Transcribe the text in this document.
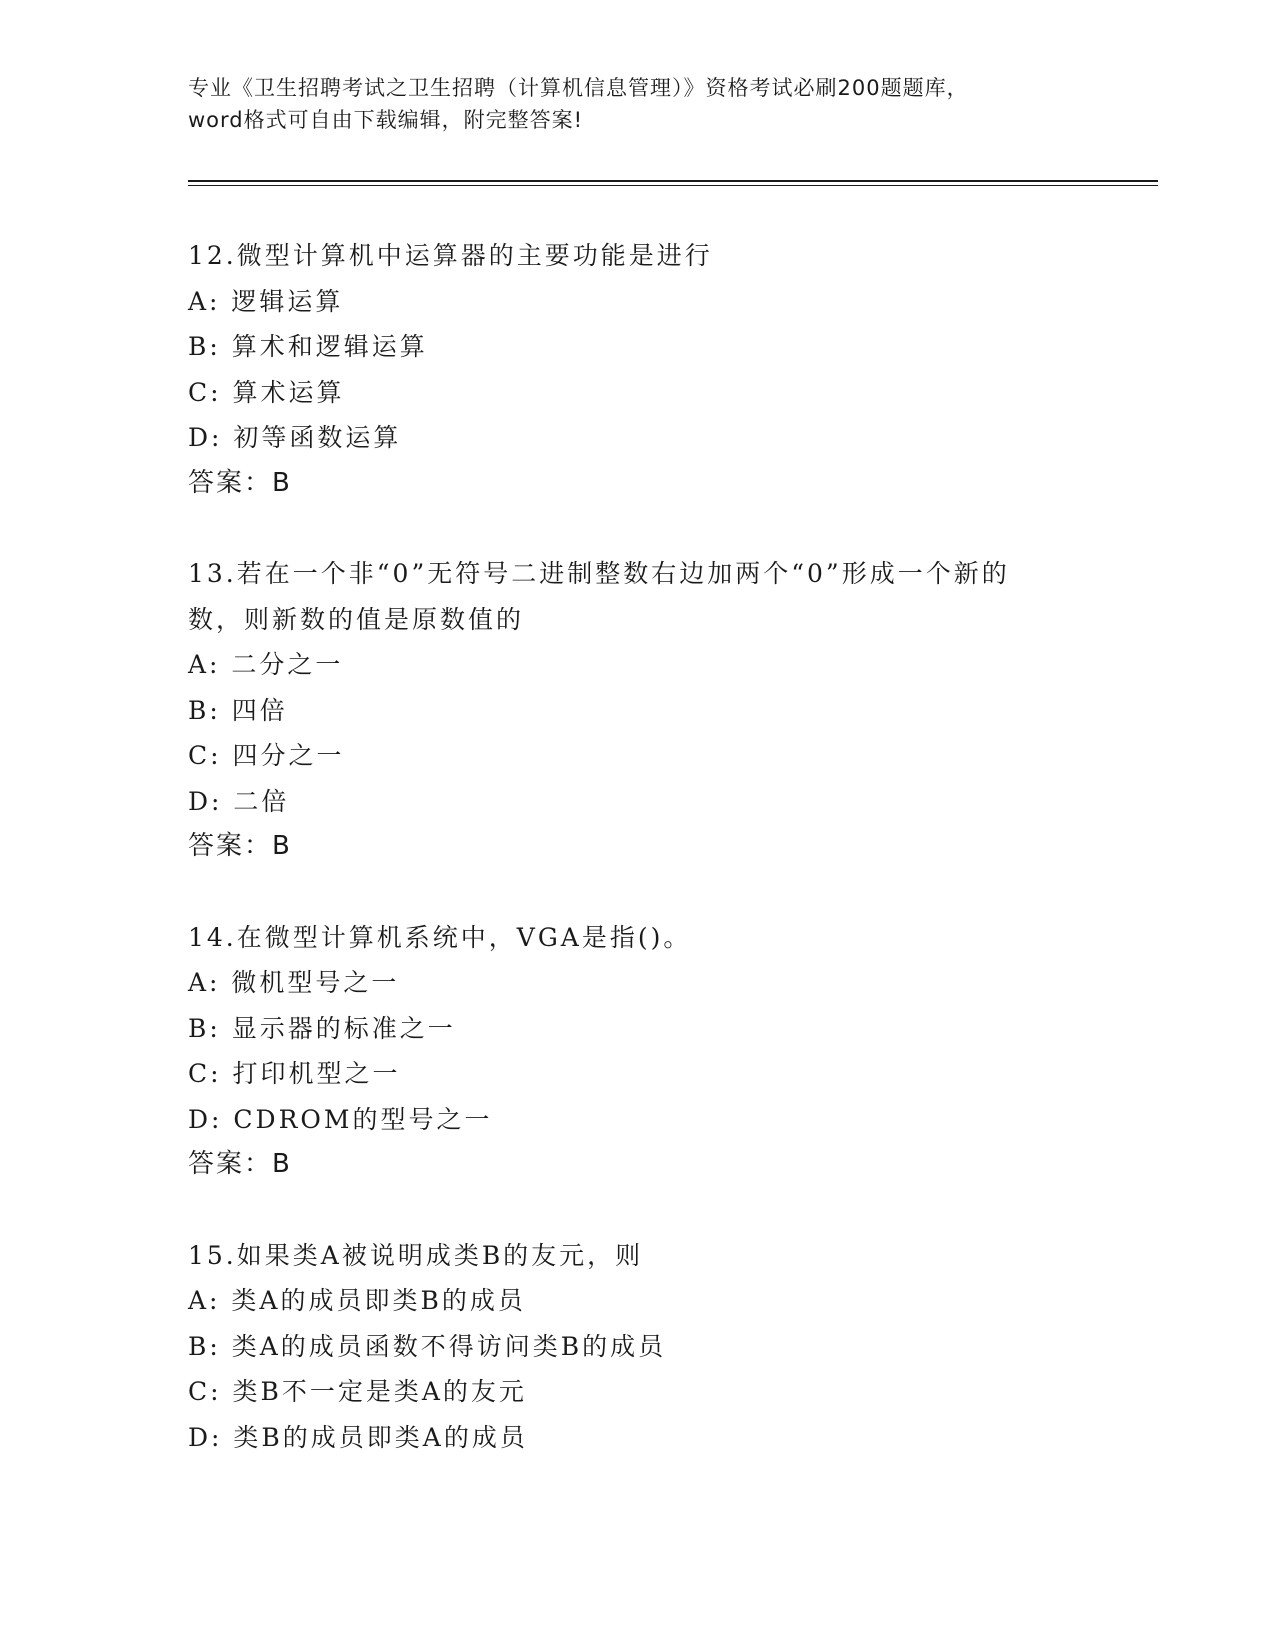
专业《卫生招聘考试之卫生招聘（计算机信息管理）》资格考试必刷200题题库，
word格式可自由下载编辑，附完整答案!
12.微型计算机中运算器的主要功能是进行
A: 逻辑运算
B: 算术和逻辑运算
C: 算术运算
D: 初等函数运算
答案：B
13.若在一个非“0”无符号二进制整数右边加两个“0”形成一个新的
数，则新数的值是原数值的
A: 二分之一
B: 四倍
C: 四分之一
D: 二倍
答案：B
14.在微型计算机系统中，VGA是指()。
A: 微机型号之一
B: 显示器的标准之一
C: 打印机型之一
D: CDROM的型号之一
答案：B
15.如果类A被说明成类B的友元，则
A: 类A的成员即类B的成员
B: 类A的成员函数不得访问类B的成员
C: 类B不一定是类A的友元
D: 类B的成员即类A的成员
